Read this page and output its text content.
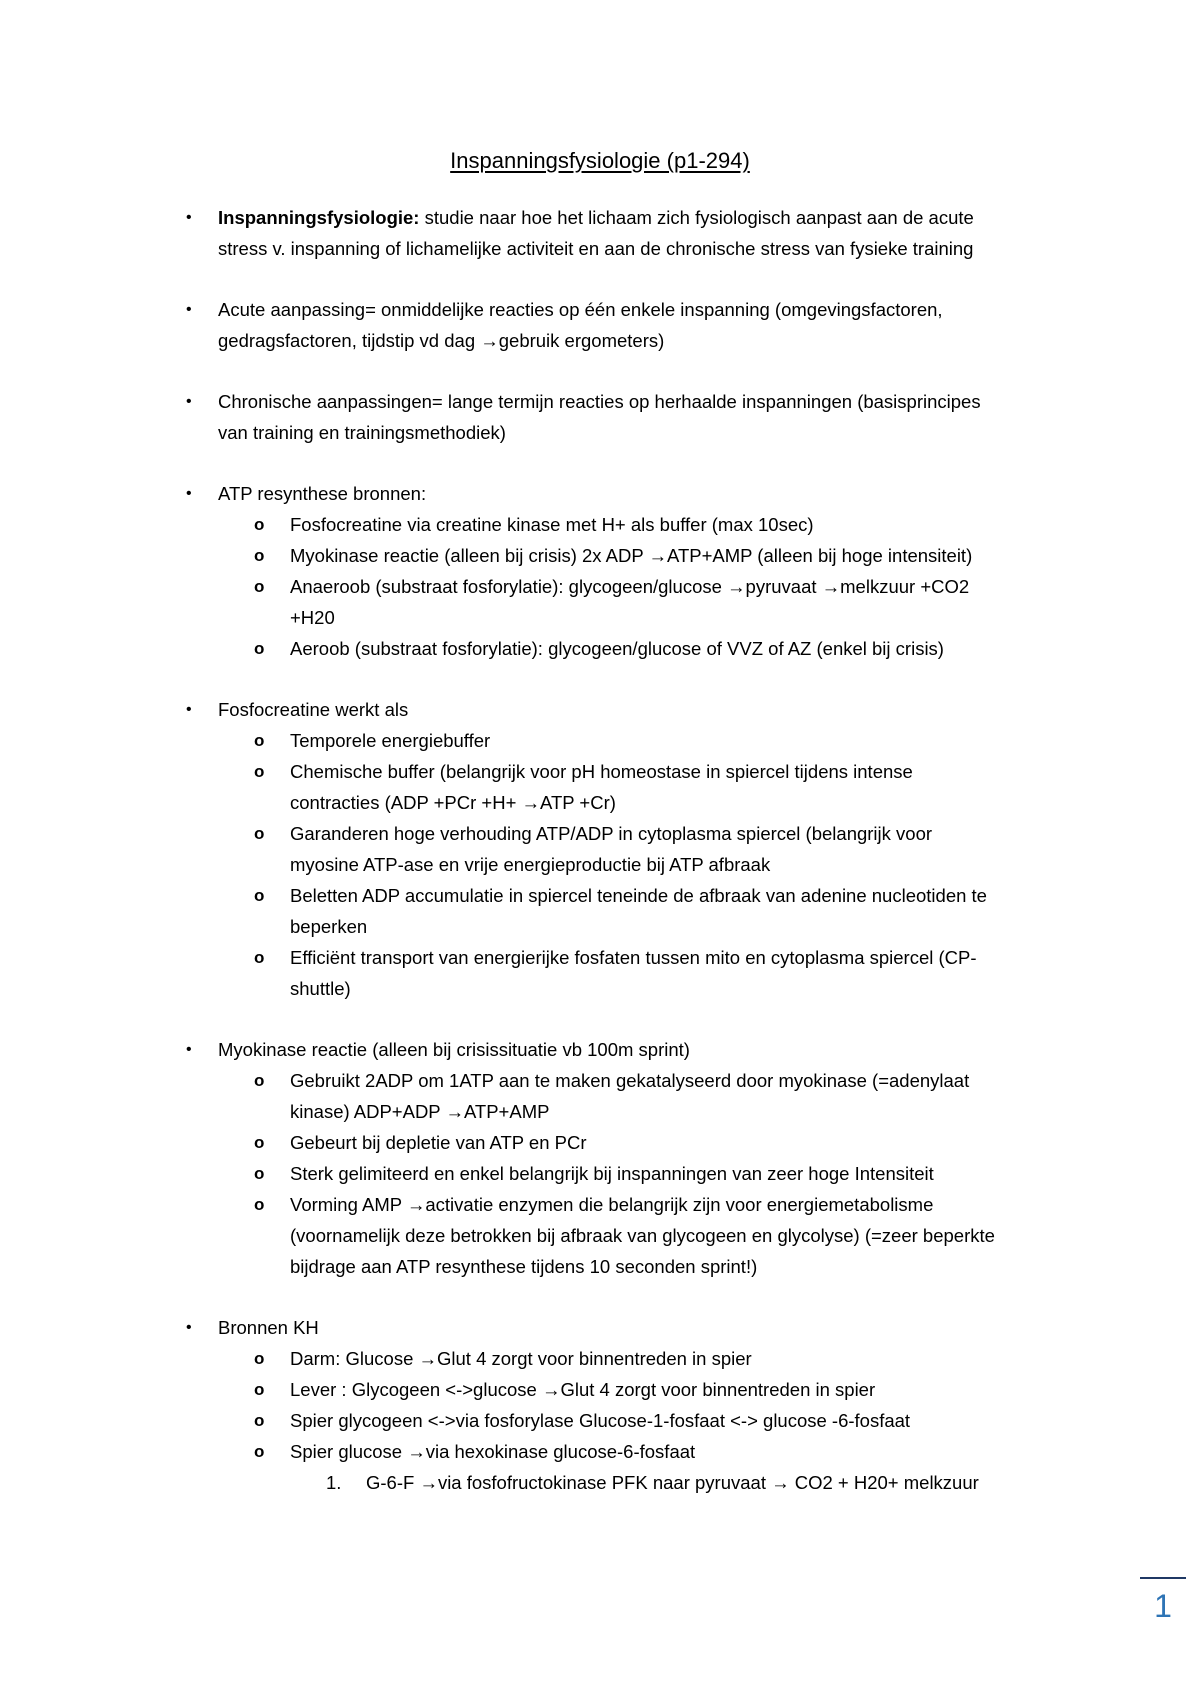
Inspanningsfysiologie (p1-294)
• Inspanningsfysiologie: studie naar hoe het lichaam zich fysiologisch aanpast aan de acute
stress v. inspanning of lichamelijke activiteit en aan de chronische stress van fysieke training
• Acute aanpassing= onmiddelijke reacties op één enkele inspanning (omgevingsfactoren,
gedragsfactoren, tijdstip vd dag →gebruik ergometers)
• Chronische aanpassingen= lange termijn reacties op herhaalde inspanningen (basisprincipes
van training en trainingsmethodiek)
• ATP resynthese bronnen:
o Fosfocreatine via creatine kinase met H+ als buffer (max 10sec)
o Myokinase reactie (alleen bij crisis) 2x ADP →ATP+AMP (alleen bij hoge intensiteit)
o Anaeroob (substraat fosforylatie): glycogeen/glucose →pyruvaat →melkzuur +CO2
+H20
o Aeroob (substraat fosforylatie): glycogeen/glucose of VVZ of AZ (enkel bij crisis)
• Fosfocreatine werkt als
o Temporele energiebuffer
o Chemische buffer (belangrijk voor pH homeostase in spiercel tijdens intense
contracties (ADP +PCr +H+ →ATP +Cr)
o Garanderen hoge verhouding ATP/ADP in cytoplasma spiercel (belangrijk voor
myosine ATP-ase en vrije energieproductie bij ATP afbraak
o Beletten ADP accumulatie in spiercel teneinde de afbraak van adenine nucleotiden te
beperken
o Efficiënt transport van energierijke fosfaten tussen mito en cytoplasma spiercel (CP-
shuttle)
• Myokinase reactie (alleen bij crisissituatie vb 100m sprint)
o Gebruikt 2ADP om 1ATP aan te maken gekatalyseerd door myokinase (=adenylaat
kinase) ADP+ADP →ATP+AMP
o Gebeurt bij depletie van ATP en PCr
o Sterk gelimiteerd en enkel belangrijk bij inspanningen van zeer hoge Intensiteit
o Vorming AMP →activatie enzymen die belangrijk zijn voor energiemetabolisme
(voornamelijk deze betrokken bij afbraak van glycogeen en glycolyse) (=zeer beperkte
bijdrage aan ATP resynthese tijdens 10 seconden sprint!)
• Bronnen KH
o Darm: Glucose →Glut 4 zorgt voor binnentreden in spier
o Lever : Glycogeen <->glucose →Glut 4 zorgt voor binnentreden in spier
o Spier glycogeen <->via fosforylase Glucose-1-fosfaat <-> glucose -6-fosfaat
o Spier glucose →via hexokinase glucose-6-fosfaat
1. G-6-F →via fosfofructokinase PFK naar pyruvaat → CO2 + H20+ melkzuur
1
